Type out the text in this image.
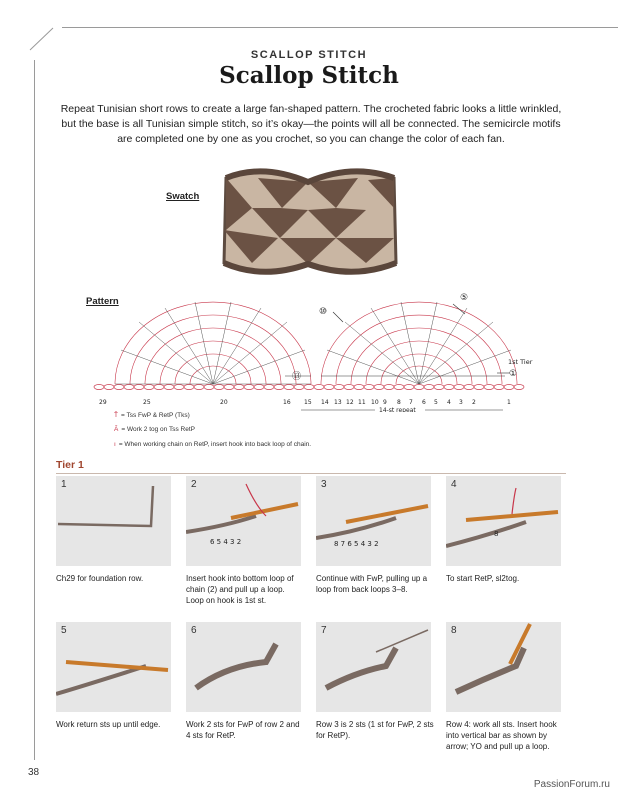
SCALLOP STITCH
Scallop Stitch
Repeat Tunisian short rows to create a large fan-shaped pattern. The crocheted fabric looks a little wrinkled, but the base is all Tunisian simple stitch, so it’s okay—the points will all be connected. The semicircle motifs are completed one by one as you crochet, so you can change the color of each fan.
Swatch
Pattern	⑤
⑩
⑬	①
1st Tier
29	25	20	16 15 14 13 12 11 10 9 8 7 6 5 4 3 2	1
14-st repeat
Ť = Tss FwP & RetP (Tks)
Ã = Work 2 tog on Tss RetP
ı = When working chain on RetP, insert hook into back loop of chain.
Tier 1
1	2
6 5 4 3 2
3
8 7 6 5 4 3 2
4
8
Ch29 for foundation row.	Insert hook into bottom loop of chain (2) and pull up a loop. Loop on hook is 1st st.
Continue with FwP, pulling up a loop from back loops 3–8.
To start RetP, sl2tog.
5	6	7	8
Work return sts up until edge.	Work 2 sts for FwP of row 2 and 4 sts for RetP.
Row 3 is 2 sts (1 st for FwP, 2 sts for RetP).
Row 4: work all sts. Insert hook into vertical bar as shown by arrow; YO and pull up a loop.
38
PassionForum.ru
